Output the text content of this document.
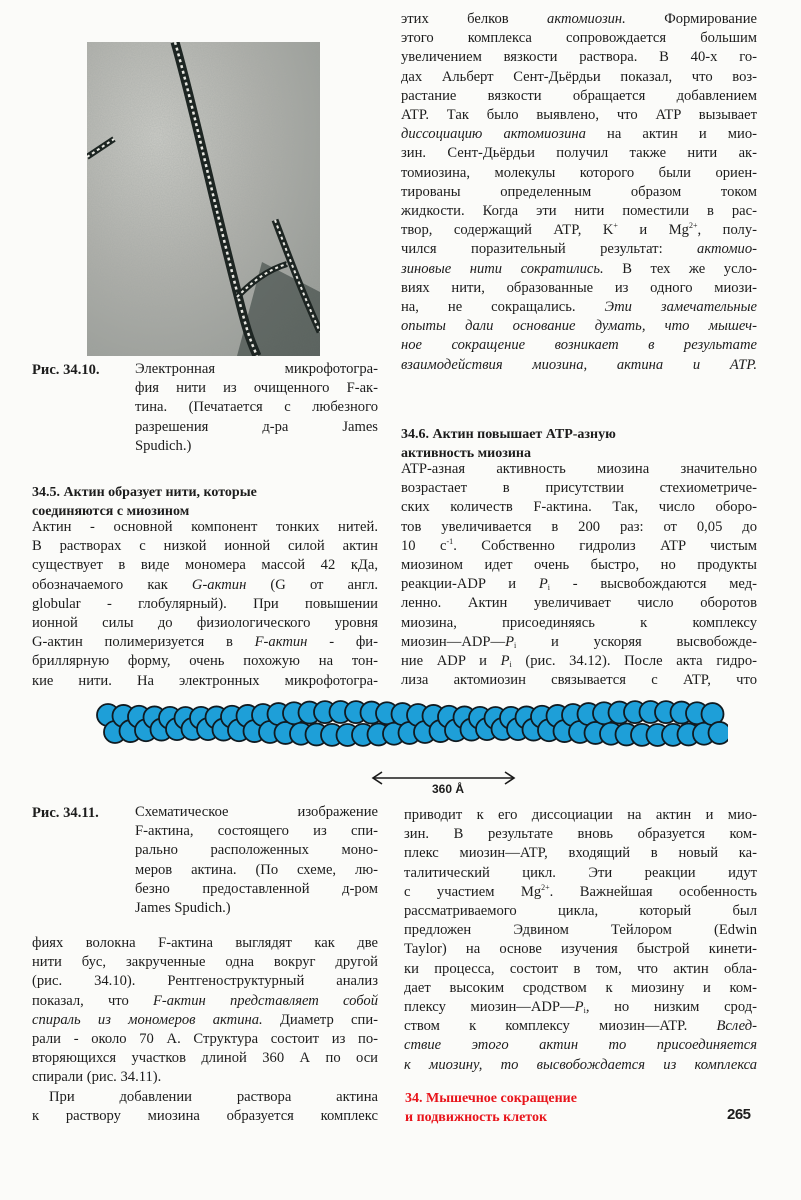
Рис. 34.10. Электронная микрофотогра-
фия нити из очищенного F-ак-
тина. (Печатается с любезного
разрешения д-ра James
Spudich.)
34.5. Актин образует нити, которые
соединяются с миозином
Актин - основной компонент тонких нитей.
В растворах с низкой ионной силой актин
существует в виде мономера массой 42 кДа,
обозначаемого как G-актин (G от англ.
globular - глобулярный). При повышении
ионной силы до физиологического уровня
G-актин полимеризуется в F-актин - фи-
бриллярную форму, очень похожую на тон-
кие нити. На электронных микрофотогра-
этих белков актомиозин. Формирование
этого комплекса сопровождается большим
увеличением вязкости раствора. В 40-х го-
дах Альберт Сент-Дьёрдьи показал, что воз-
растание вязкости обращается добавлением
ATP. Так было выявлено, что ATP вызывает
диссоциацию актомиозина на актин и мио-
зин. Сент-Дьёрдьи получил также нити ак-
томиозина, молекулы которого были ориен-
тированы определенным образом током
жидкости. Когда эти нити поместили в рас-
твор, содержащий ATP, K+ и $Mg^{2+}$, полу-
чился поразительный результат: актомио-
зиновые нити сократились. В тех же усло-
виях нити, образованные из одного миози-
на, не сокращались. Эти замечательные
опыты дали основание думать, что мышеч-
ное сокращение возникает в результате
взаимодействия миозина, актина и ATP.
34.6. Актин повышает ATP-азную
активность миозина
ATP-азная активность миозина значительно
возрастает в присутствии стехиометриче-
ских количеств F-актина. Так, число оборо-
тов увеличивается в 200 раз: от 0,05 до
10 $с^{-1}$. Собственно гидролиз ATP чистым
миозином идет очень быстро, но продукты
реакции-ADP и $P_i$ - высвобождаются мед-
ленно. Актин увеличивает число оборотов
миозина, присоединяясь к комплексу
$миозин—ADP—P_i$ и ускоряя высвобожде-
ние ADP и $P_i$ (рис. 34.12). После акта гидро-
лиза актомиозин связывается с ATP, что
360 Å
Рис. 34.11. Схематическое изображение
F-актина, состоящего из спи-
рально расположенных моно-
меров актина. (По схеме, лю-
безно предоставленной д-ром
James Spudich.)
фиях волокна F-актина выглядят как две
нити бус, закрученные одна вокруг другой
(рис. 34.10). Рентгеноструктурный анализ
показал, что F-актин представляет собой
спираль из мономеров актина. Диаметр спи-
рали - около 70 А. Структура состоит из по-
вторяющихся участков длиной 360 А по оси
спирали (рис. 34.11).
При добавлении раствора актина
к раствору миозина образуется комплекс
приводит к его диссоциации на актин и мио-
зин. В результате вновь образуется ком-
плекс миозин—ATP, входящий в новый ка-
талитический цикл. Эти реакции идут
с участием $Mg^{2+}$. Важнейшая особенность
рассматриваемого цикла, который был
предложен Эдвином Тейлором (Edwin
Taylor) на основе изучения быстрой кинети-
ки процесса, состоит в том, что актин обла-
дает высоким сродством к миозину и ком-
плексу $миозин—ADP—P_i$, но низким срод-
ством к комплексу миозин—ATP. Вслед-
ствие этого актин то присоединяется
к миозину, то высвобождается из комплекса
34. Мышечное сокращение
и подвижность клеток	265
